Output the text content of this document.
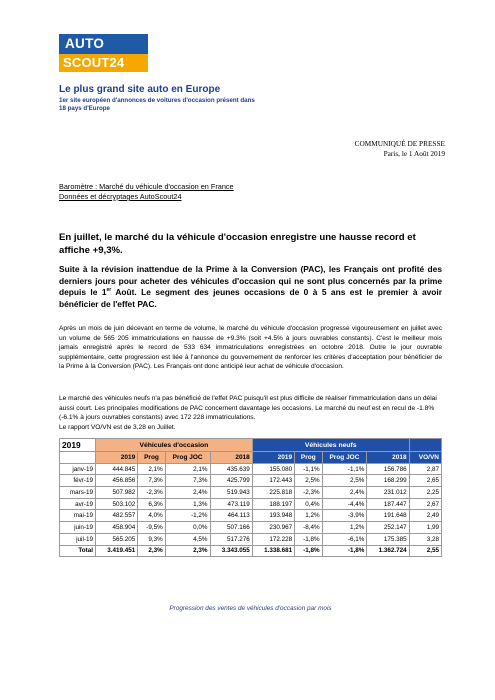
AUTO
SCOUT24
Le plus grand site auto en Europe
1er site européen d'annonces de voitures d'occasion présent dans 18 pays d'Europe
COMMUNIQUÉ DE PRESSE
Paris, le 1 Août 2019
Baromètre : Marché du véhicule d'occasion en France
Données et décryptages AutoScout24
En juillet, le marché du la véhicule d'occasion enregistre une hausse record et affiche +9,3%.
Suite à la révision inattendue de la Prime à la Conversion (PAC), les Français ont profité des derniers jours pour acheter des véhicules d'occasion qui ne sont plus concernés par la prime depuis le 1er Août. Le segment des jeunes occasions de 0 à 5 ans est le premier à avoir bénéficier de l'effet PAC.
Après un mois de juin décevant en terme de volume, le marché du véhicule d'occasion progresse vigoureusement en juillet avec un volume de 565 205 immatriculations en hausse de +9.3% (soit +4.5% à jours ouvrables constants). C'est le meilleur mois jamais enregistré après le record de 533 634 immatriculations enregistrées en octobre 2018. Outre le jour ouvrable supplémentaire, cette progression est liée à l'annonce du gouvernement de renforcer les critères d'acceptation pour bénéficier de la Prime à la Conversion (PAC). Les Français ont donc anticipé leur achat de véhicule d'occasion.
Le marché des véhicules neufs n'a pas bénéficié de l'effet PAC puisqu'il est plus difficile de réaliser l'immatriculation dans un délai aussi court. Les principales modifications de PAC concernent davantage les occasions. Le marché du neuf est en recul de -1.8% (-6.1% à jours ouvrables constants) avec 172 228 immatriculations.
Le rapport VO/VN est de 3,28 en Juillet.
2019	Véhicules d'occasion				Véhicules neufs				
	2019	Prog	Prog JOC	2018	2019	Prog	Prog JOC	2018	VO/VN
janv-19	444.845	2,1%	2,1%	435.639	155.080	-1,1%	-1,1%	156.786	2,87
févr-19	456.856	7,3%	7,3%	425.799	172.443	2,5%	2,5%	168.299	2,65
mars-19	507.982	-2,3%	2,4%	519.943	225.818	-2,3%	2,4%	231.012	2,25
avr-19	503.102	6,3%	1,3%	473.119	188.197	0,4%	-4,4%	187.447	2,67
mai-19	482.557	4,0%	-1,2%	464.113	193.948	1,2%	-3,9%	191.648	2,49
juin-19	458.904	-9,5%	0,0%	507.166	230.967	-8,4%	1,2%	252.147	1,99
juil-19	565.205	9,3%	4,5%	517.276	172.228	-1,8%	-6,1%	175.385	3,28
Total	3.419.451	2,3%	2,3%	3.343.055	1.338.681	-1,8%	-1,8%	1.362.724	2,55
Progression des ventes de véhicules d'occasion par mois
